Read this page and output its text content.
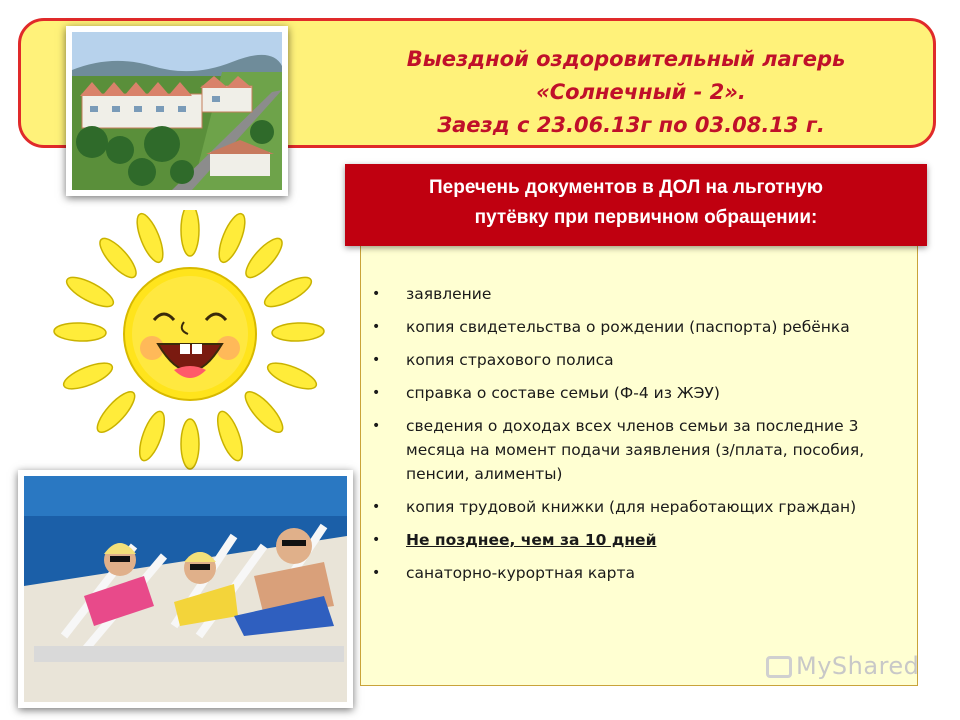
Выездной оздоровительный лагерь
«Солнечный - 2».
Заезд с 23.06.13г по 03.08.13 г.
Перечень документов в ДОЛ на льготную
путёвку при первичном обращении:
• заявление
• копия свидетельства о рождении (паспорта) ребёнка
• копия страхового полиса
• справка о составе семьи (Ф-4 из ЖЭУ)
• сведения о доходах всех членов семьи за последние 3 месяца на момент подачи заявления (з/плата, пособия, пенсии, алименты)
• копия трудовой книжки (для неработающих граждан)
• Не позднее, чем за 10 дней
• санаторно-курортная карта
MyShared
